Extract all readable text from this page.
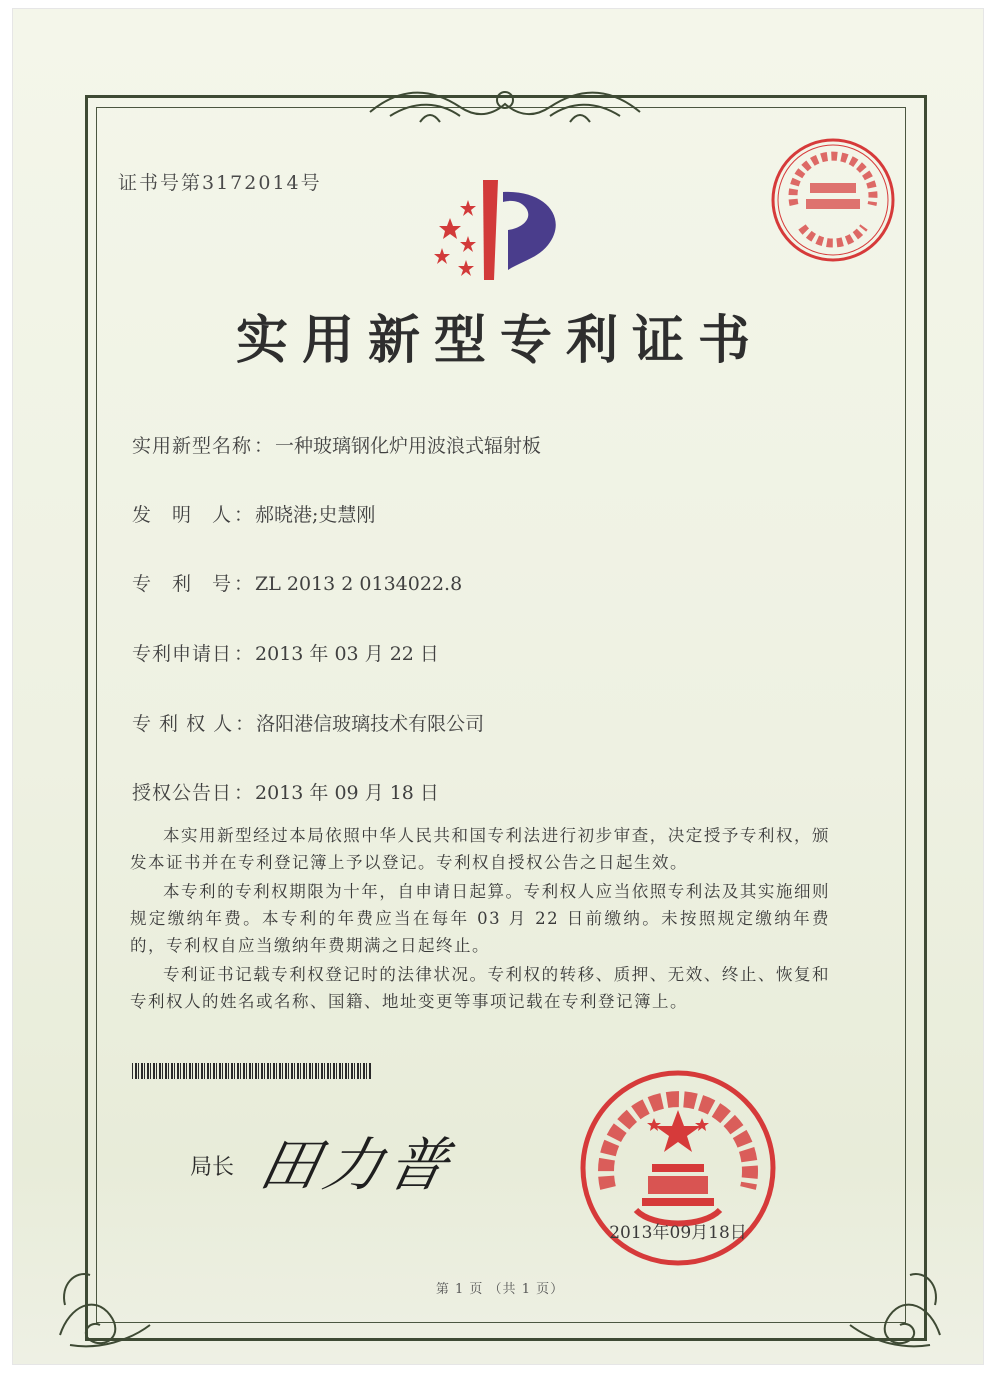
证书号第3172014号
实用新型专利证书
实用新型名称 ： 一种玻璃钢化炉用波浪式辐射板
发　明　人 ： 郝晓港;史慧刚
专　利　号 ： ZL 2013 2 0134022.8
专利申请日 ： 2013 年 03 月 22 日
专 利 权 人 ： 洛阳港信玻璃技术有限公司
授权公告日 ： 2013 年 09 月 18 日

本实用新型经过本局依照中华人民共和国专利法进行初步审查，决定授予专利权，颁发本证书并在专利登记簿上予以登记。专利权自授权公告之日起生效。

本专利的专利权期限为十年，自申请日起算。专利权人应当依照专利法及其实施细则规定缴纳年费。本专利的年费应当在每年 03 月 22 日前缴纳。未按照规定缴纳年费的，专利权自应当缴纳年费期满之日起终止。

专利证书记载专利权登记时的法律状况。专利权的转移、质押、无效、终止、恢复和专利权人的姓名或名称、国籍、地址变更等事项记载在专利登记簿上。

局长 田力普
2013年09月18日
第 1 页 （共 1 页）
